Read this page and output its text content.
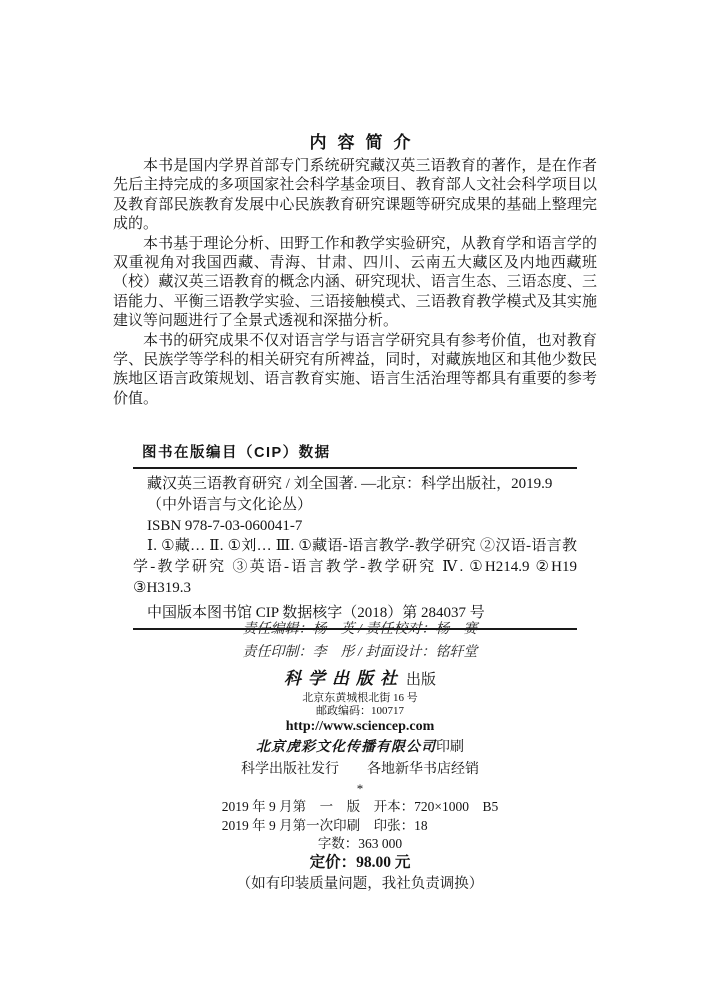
内容简介

本书是国内学界首部专门系统研究藏汉英三语教育的著作，是在作者先后主持完成的多项国家社会科学基金项目、教育部人文社会科学项目以及教育部民族教育发展中心民族教育研究课题等研究成果的基础上整理完成的。

本书基于理论分析、田野工作和教学实验研究，从教育学和语言学的双重视角对我国西藏、青海、甘肃、四川、云南五大藏区及内地西藏班（校）藏汉英三语教育的概念内涵、研究现状、语言生态、三语态度、三语能力、平衡三语教学实验、三语接触模式、三语教育教学模式及其实施建议等问题进行了全景式透视和深描分析。

本书的研究成果不仅对语言学与语言学研究具有参考价值，也对教育学、民族学等学科的相关研究有所裨益，同时，对藏族地区和其他少数民族地区语言政策规划、语言教育实施、语言生活治理等都具有重要的参考价值。

图书在版编目（CIP）数据

藏汉英三语教育研究 / 刘全国著. —北京：科学出版社，2019.9

（中外语言与文化论丛）

ISBN 978-7-03-060041-7

Ⅰ. ①藏… Ⅱ. ①刘… Ⅲ. ①藏语-语言教学-教学研究 ②汉语-语言教学-教学研究 ③英语-语言教学-教学研究 Ⅳ. ①H214.9 ②H19 ③H319.3

中国版本图书馆 CIP 数据核字（2018）第 284037 号

责任编辑：杨　英 / 责任校对：杨　赛
责任印制：李　彤 / 封面设计：铭轩堂
科学出版社 出版
北京东黄城根北街 16 号
邮政编码：100717
http://www.sciencep.com
北京虎彩文化传播有限公司印刷
科学出版社发行　　各地新华书店经销
*
2019 年 9 月第　一　版　开本：720×1000　B5
2019 年 9 月第一次印刷　印张：18
字数：363 000
定价：98.00 元
（如有印装质量问题，我社负责调换）
